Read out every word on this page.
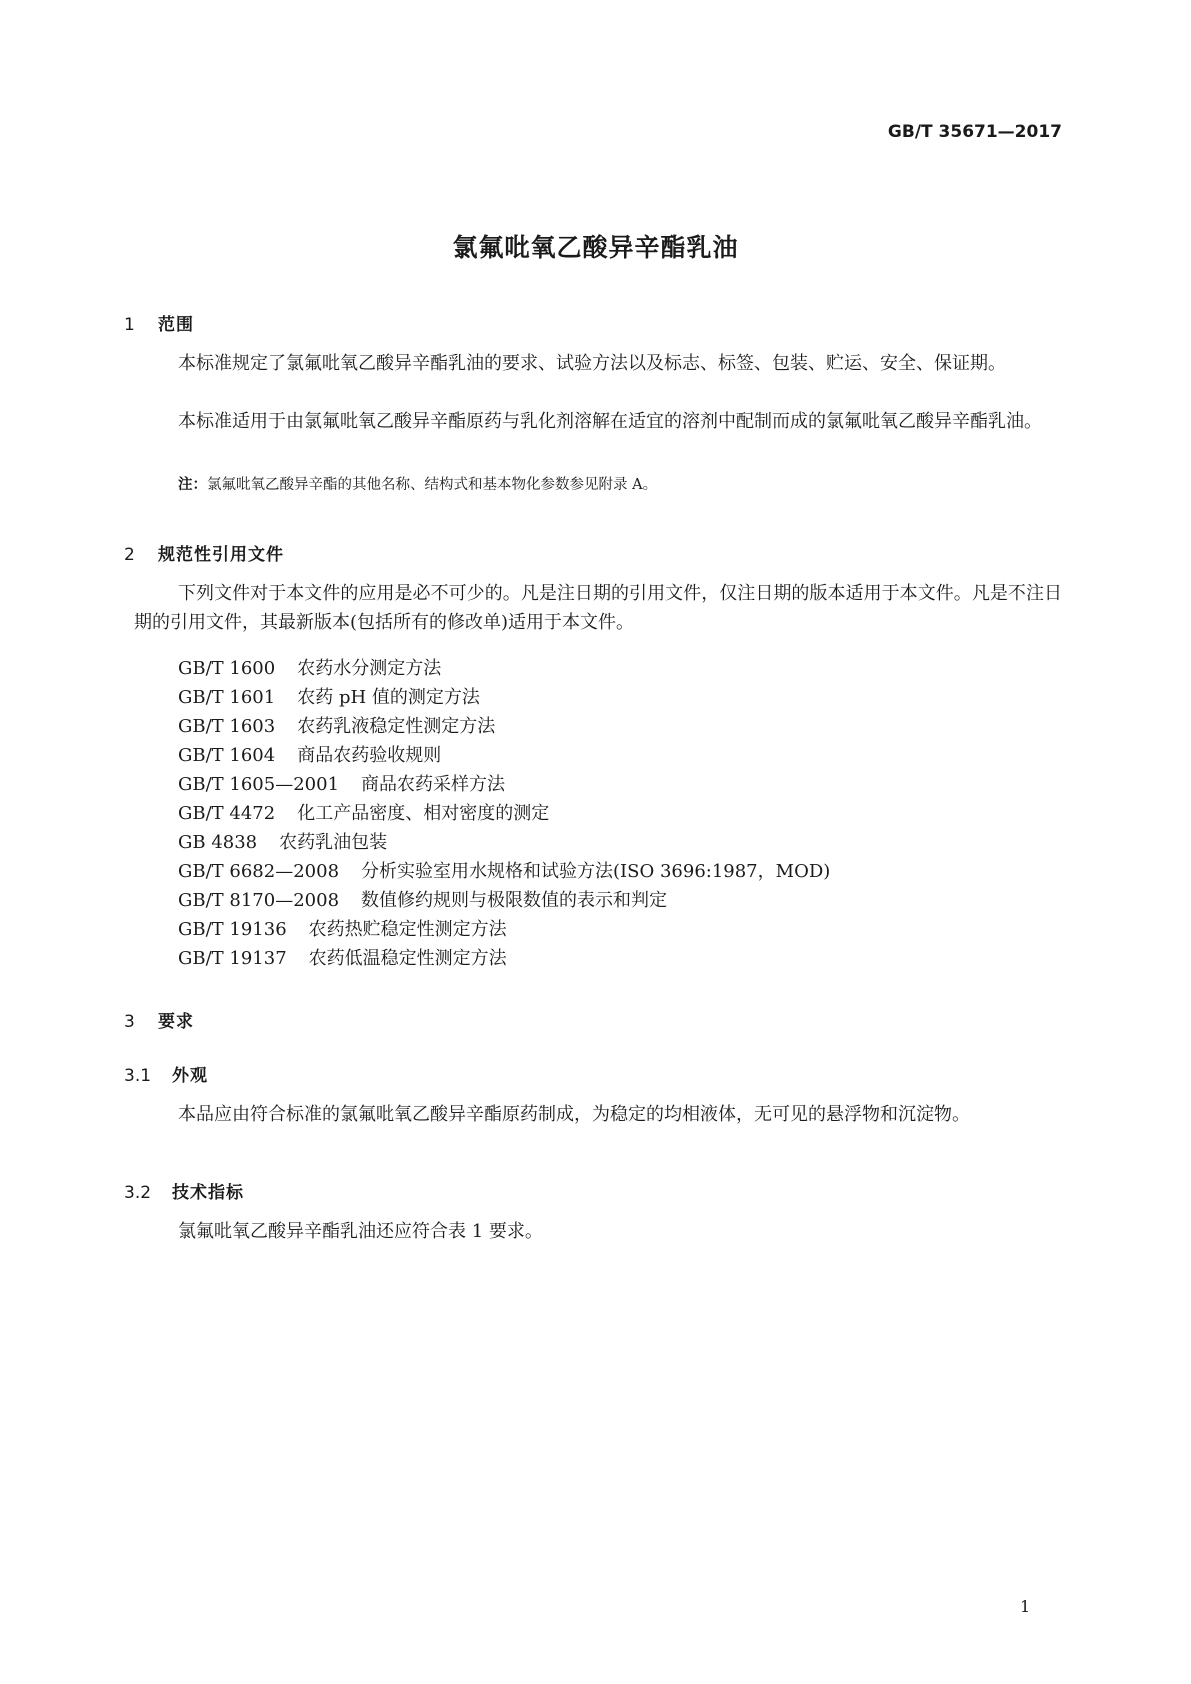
GB/T 35671—2017
氯氟吡氧乙酸异辛酯乳油
1 范围

本标准规定了氯氟吡氧乙酸异辛酯乳油的要求、试验方法以及标志、标签、包装、贮运、安全、保证期。

本标准适用于由氯氟吡氧乙酸异辛酯原药与乳化剂溶解在适宜的溶剂中配制而成的氯氟吡氧乙酸异辛酯乳油。

注：氯氟吡氧乙酸异辛酯的其他名称、结构式和基本物化参数参见附录 A。
2 规范性引用文件

下列文件对于本文件的应用是必不可少的。凡是注日期的引用文件，仅注日期的版本适用于本文件。凡是不注日期的引用文件，其最新版本(包括所有的修改单)适用于本文件。

GB/T 1600 农药水分测定方法
GB/T 1601 农药 pH 值的测定方法
GB/T 1603 农药乳液稳定性测定方法
GB/T 1604 商品农药验收规则
GB/T 1605—2001 商品农药采样方法
GB/T 4472 化工产品密度、相对密度的测定
GB 4838 农药乳油包装
GB/T 6682—2008 分析实验室用水规格和试验方法(ISO 3696:1987，MOD)
GB/T 8170—2008 数值修约规则与极限数值的表示和判定
GB/T 19136 农药热贮稳定性测定方法
GB/T 19137 农药低温稳定性测定方法
3 要求
3.1 外观

本品应由符合标准的氯氟吡氧乙酸异辛酯原药制成，为稳定的均相液体，无可见的悬浮物和沉淀物。

3.2 技术指标

氯氟吡氧乙酸异辛酯乳油还应符合表 1 要求。

1
